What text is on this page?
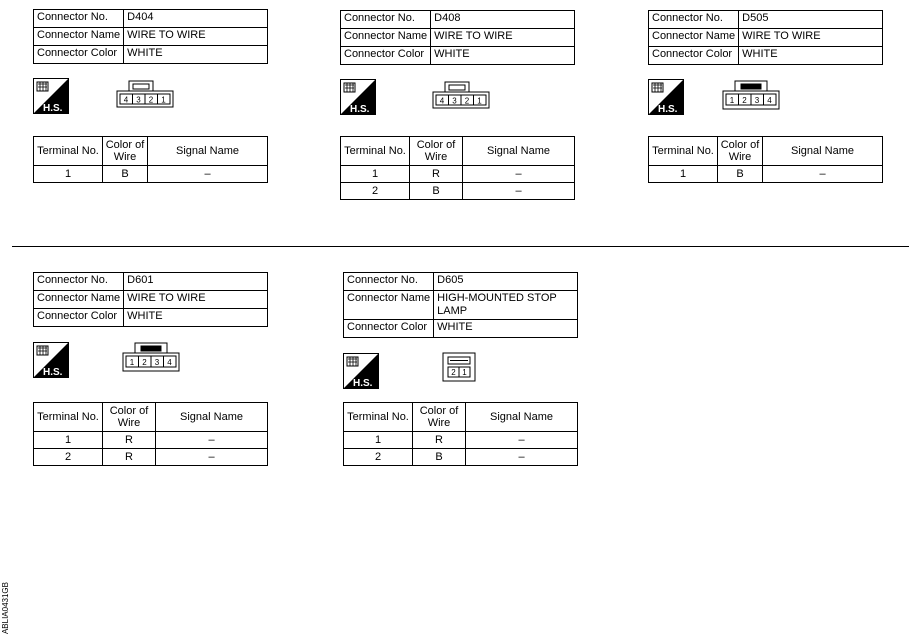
Connector No.	D404
Connector Name	WIRE TO WIRE
Connector Color	WHITE
H.S.
4 3 2 1
Terminal No.	Color of Wire	Signal Name
1	B	–
Connector No.	D408
Connector Name	WIRE TO WIRE
Connector Color	WHITE
H.S.
4 3 2 1
Terminal No.	Color of Wire	Signal Name
1	R	–
2	B	–
Connector No.	D505
Connector Name	WIRE TO WIRE
Connector Color	WHITE
H.S.
1 2 3 4
Terminal No.	Color of Wire	Signal Name
1	B	–
Connector No.	D601
Connector Name	WIRE TO WIRE
Connector Color	WHITE
H.S.
1 2 3 4
Terminal No.	Color of Wire	Signal Name
1	R	–
2	R	–
Connector No.	D605
Connector Name	HIGH-MOUNTED STOP LAMP
Connector Color	WHITE
H.S.
2 1
Terminal No.	Color of Wire	Signal Name
1	R	–
2	B	–
ABLIA0431GB
